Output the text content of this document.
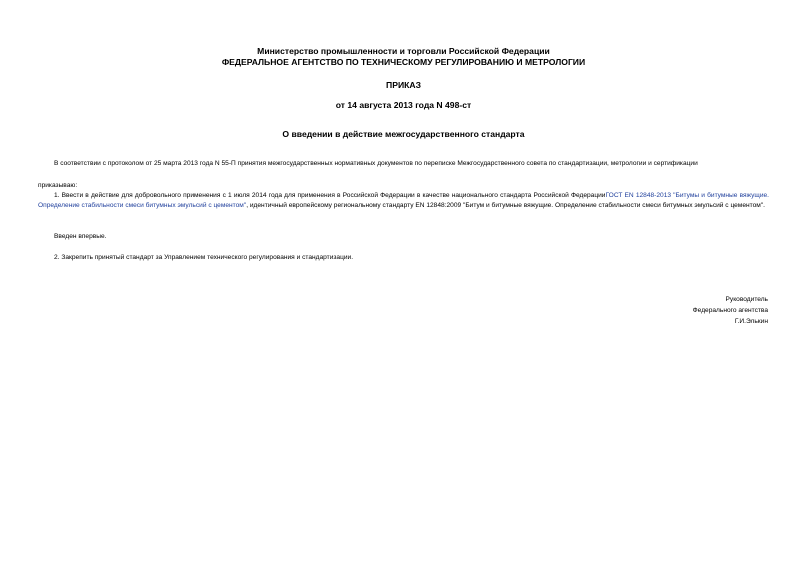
Министерство промышленности и торговли Российской Федерации
ФЕДЕРАЛЬНОЕ АГЕНТСТВО ПО ТЕХНИЧЕСКОМУ РЕГУЛИРОВАНИЮ И МЕТРОЛОГИИ
ПРИКАЗ
от 14 августа 2013 года N 498-ст
О введении в действие межгосударственного стандарта
В соответствии с протоколом от 25 марта 2013 года N 55-П принятия межгосударственных нормативных документов по переписке Межгосударственного совета по стандартизации, метрологии и сертификации
приказываю:
1. Ввести в действие для добровольного применения с 1 июля 2014 года для применения в Российской Федерации в качестве национального стандарта Российской ФедерацииГОСТ EN 12848-2013 "Битумы и битумные вяжущие. Определение стабильности смеси битумных эмульсий с цементом", идентичный европейскому региональному стандарту EN 12848:2009 "Битум и битумные вяжущие. Определение стабильности смеси битумных эмульсий с цементом".
Введен впервые.
2. Закрепить принятый стандарт за Управлением технического регулирования и стандартизации.
Руководитель
Федерального агентства
Г.И.Элькин
